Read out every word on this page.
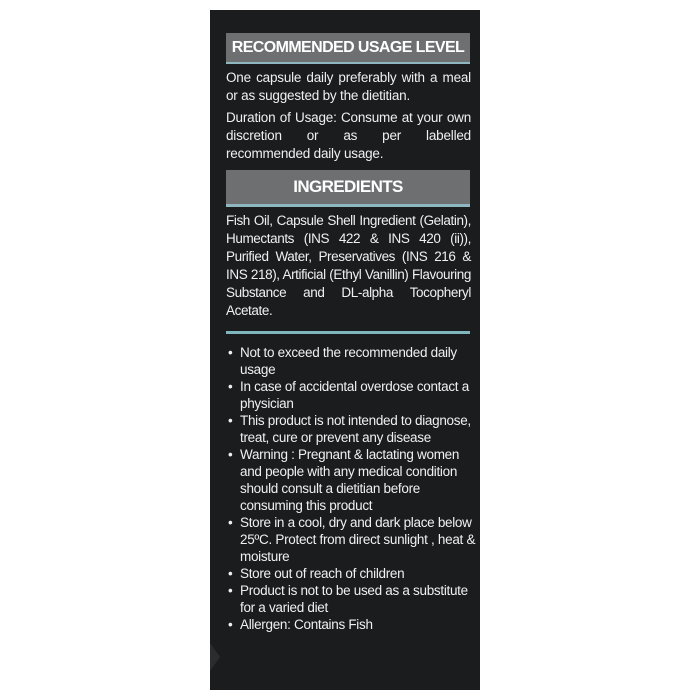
RECOMMENDED USAGE LEVEL
One capsule daily preferably with a meal or as suggested by the dietitian.
Duration of Usage: Consume at your own discretion or as per labelled recommended daily usage.
INGREDIENTS
Fish Oil, Capsule Shell Ingredient (Gelatin), Humectants (INS 422 & INS 420 (ii)), Purified Water, Preservatives (INS 216 & INS 218), Artificial (Ethyl Vanillin) Flavouring Substance and DL-alpha Tocopheryl Acetate.
• Not to exceed the recommended daily usage
• In case of accidental overdose contact a physician
• This product is not intended to diagnose, treat, cure or prevent any disease
• Warning : Pregnant & lactating women and people with any medical condition should consult a dietitian before consuming this product
• Store in a cool, dry and dark place below 25ºC. Protect from direct sunlight , heat & moisture
• Store out of reach of children
• Product is not to be used as a substitute for a varied diet
• Allergen: Contains Fish
